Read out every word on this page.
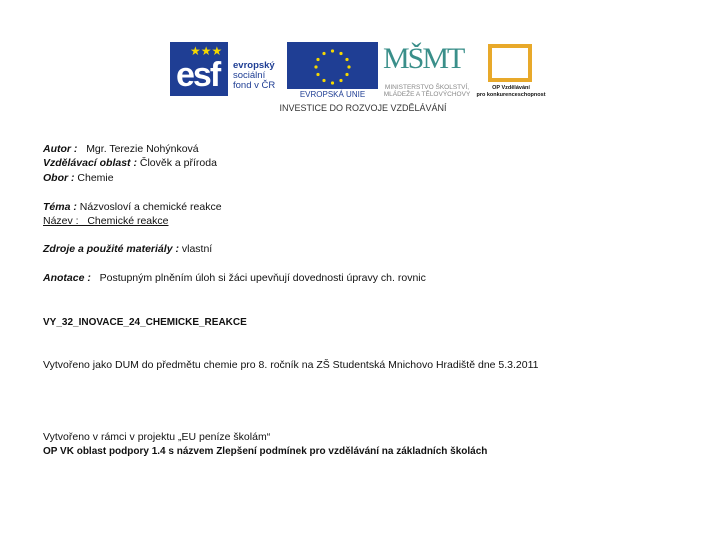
esf
★★★
evropský
sociální
fond v ČR
EVROPSKÁ UNIE
MŠMT
MINISTERSTVO ŠKOLSTVÍ,
MLÁDEŽE A TĚLOVÝCHOVY
OP Vzdělávání
pro konkurenceschopnost
INVESTICE DO ROZVOJE VZDĚLÁVÁNÍ
Autor : Mgr. Terezie Nohýnková
Vzdělávací oblast : Člověk a příroda
Obor : Chemie
Téma : Názvosloví a chemické reakce
Název :   Chemické reakce
Zdroje a použité materiály : vlastní
Anotace : Postupným plněním úloh si žáci upevňují dovednosti úpravy ch. rovnic
VY_32_INOVACE_24_CHEMICKE_REAKCE
Vytvořeno jako DUM do předmětu chemie pro 8. ročník na ZŠ Studentská Mnichovo Hradiště dne 5.3.2011
Vytvořeno v rámci v projektu „EU peníze školám“
OP VK oblast podpory 1.4 s názvem Zlepšení podmínek pro vzdělávání na základních školách
